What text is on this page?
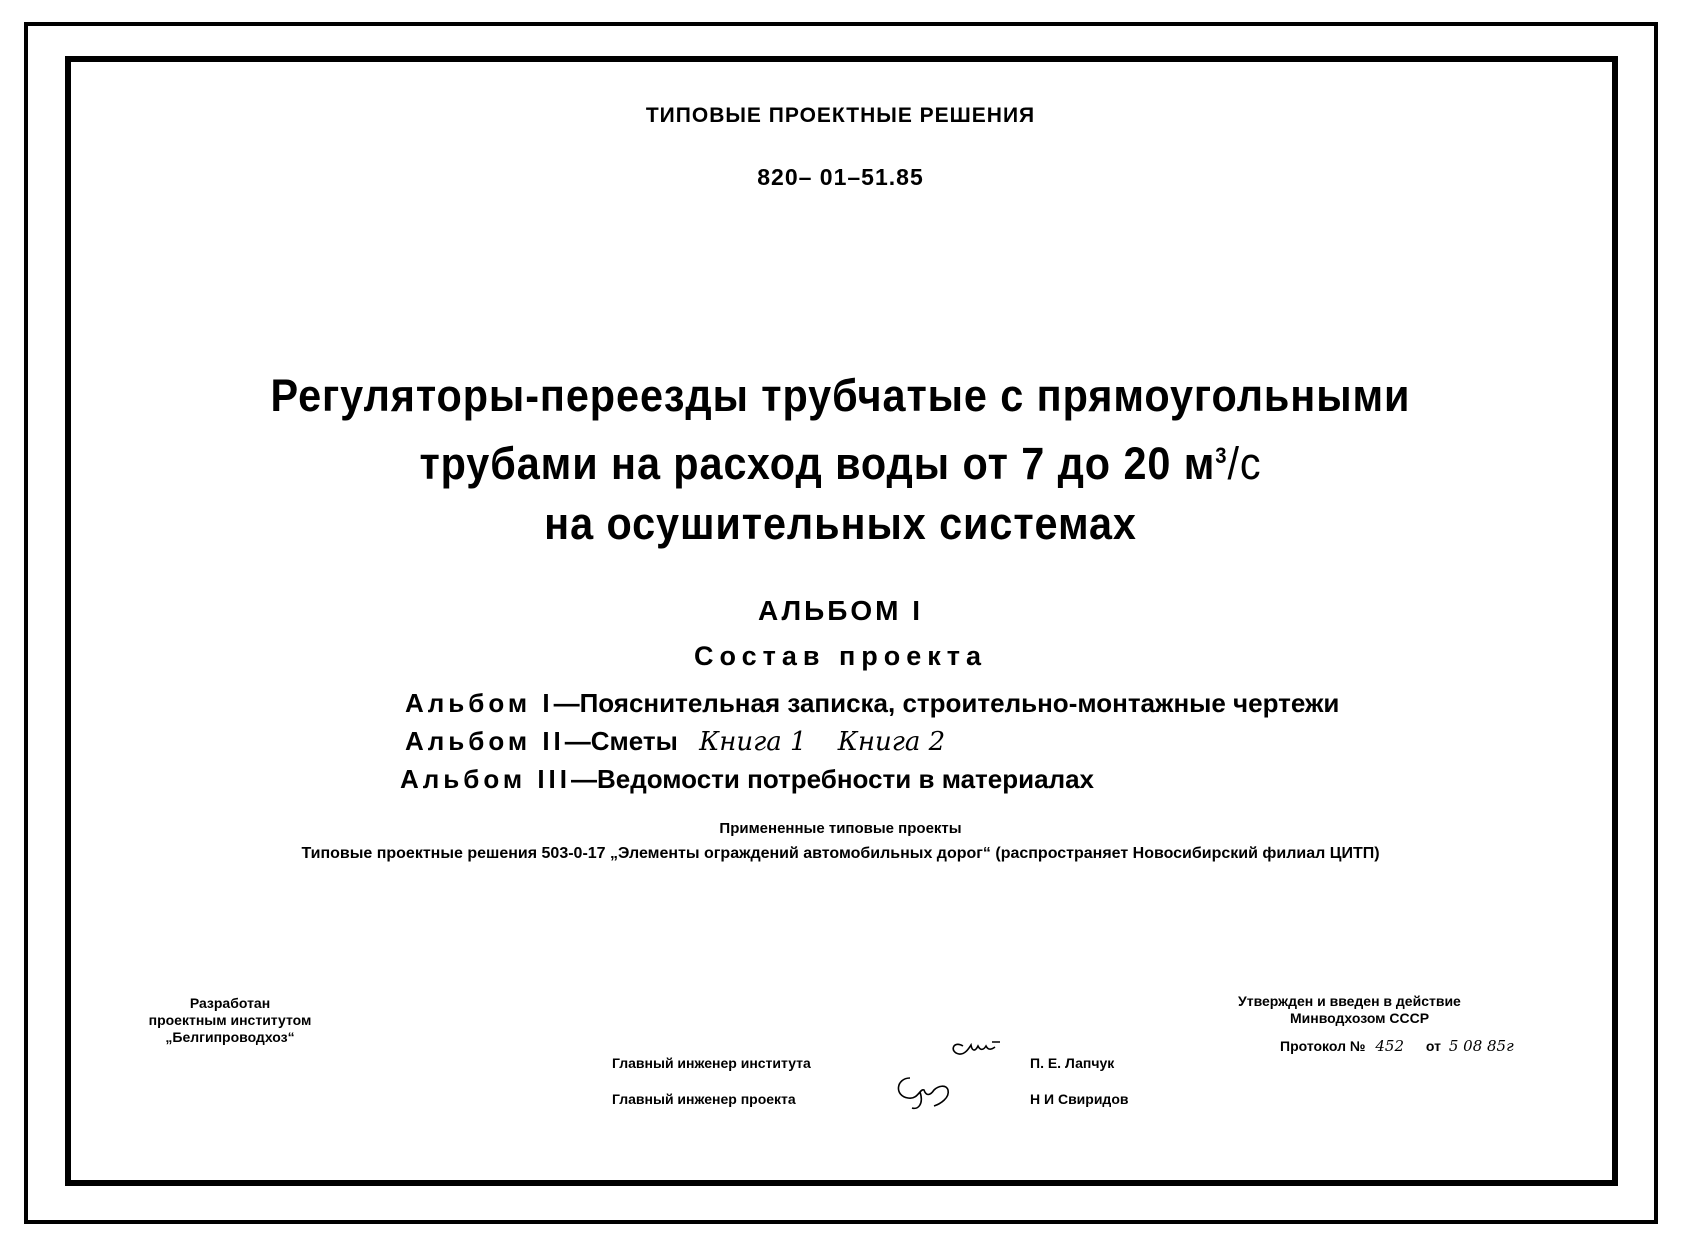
ТИПОВЫЕ ПРОЕКТНЫЕ РЕШЕНИЯ
820– 01–51.85
Регуляторы-переезды трубчатые с прямоугольными
трубами на расход воды от 7 до 20 $м^3/с$
на осушительных системах
АЛЬБОМ I
Состав проекта
Альбом I—Пояснительная записка, строительно-монтажные чертежи
Альбом II—Сметы Книга 1 Книга 2
Альбом III—Ведомости потребности в материалах
Примененные типовые проекты
Типовые проектные решения 503-0-17 „Элементы ограждений автомобильных дорог“ (распространяет Новосибирский филиал ЦИТП)
Разработан
проектным институтом
„Белгипроводхоз“
Главный инженер института
Главный инженер проекта
П. Е. Лапчук
Н И Свиридов
Утвержден и введен в действие
Минводхозом СССР
Протокол № 452 от 5 08 85г
